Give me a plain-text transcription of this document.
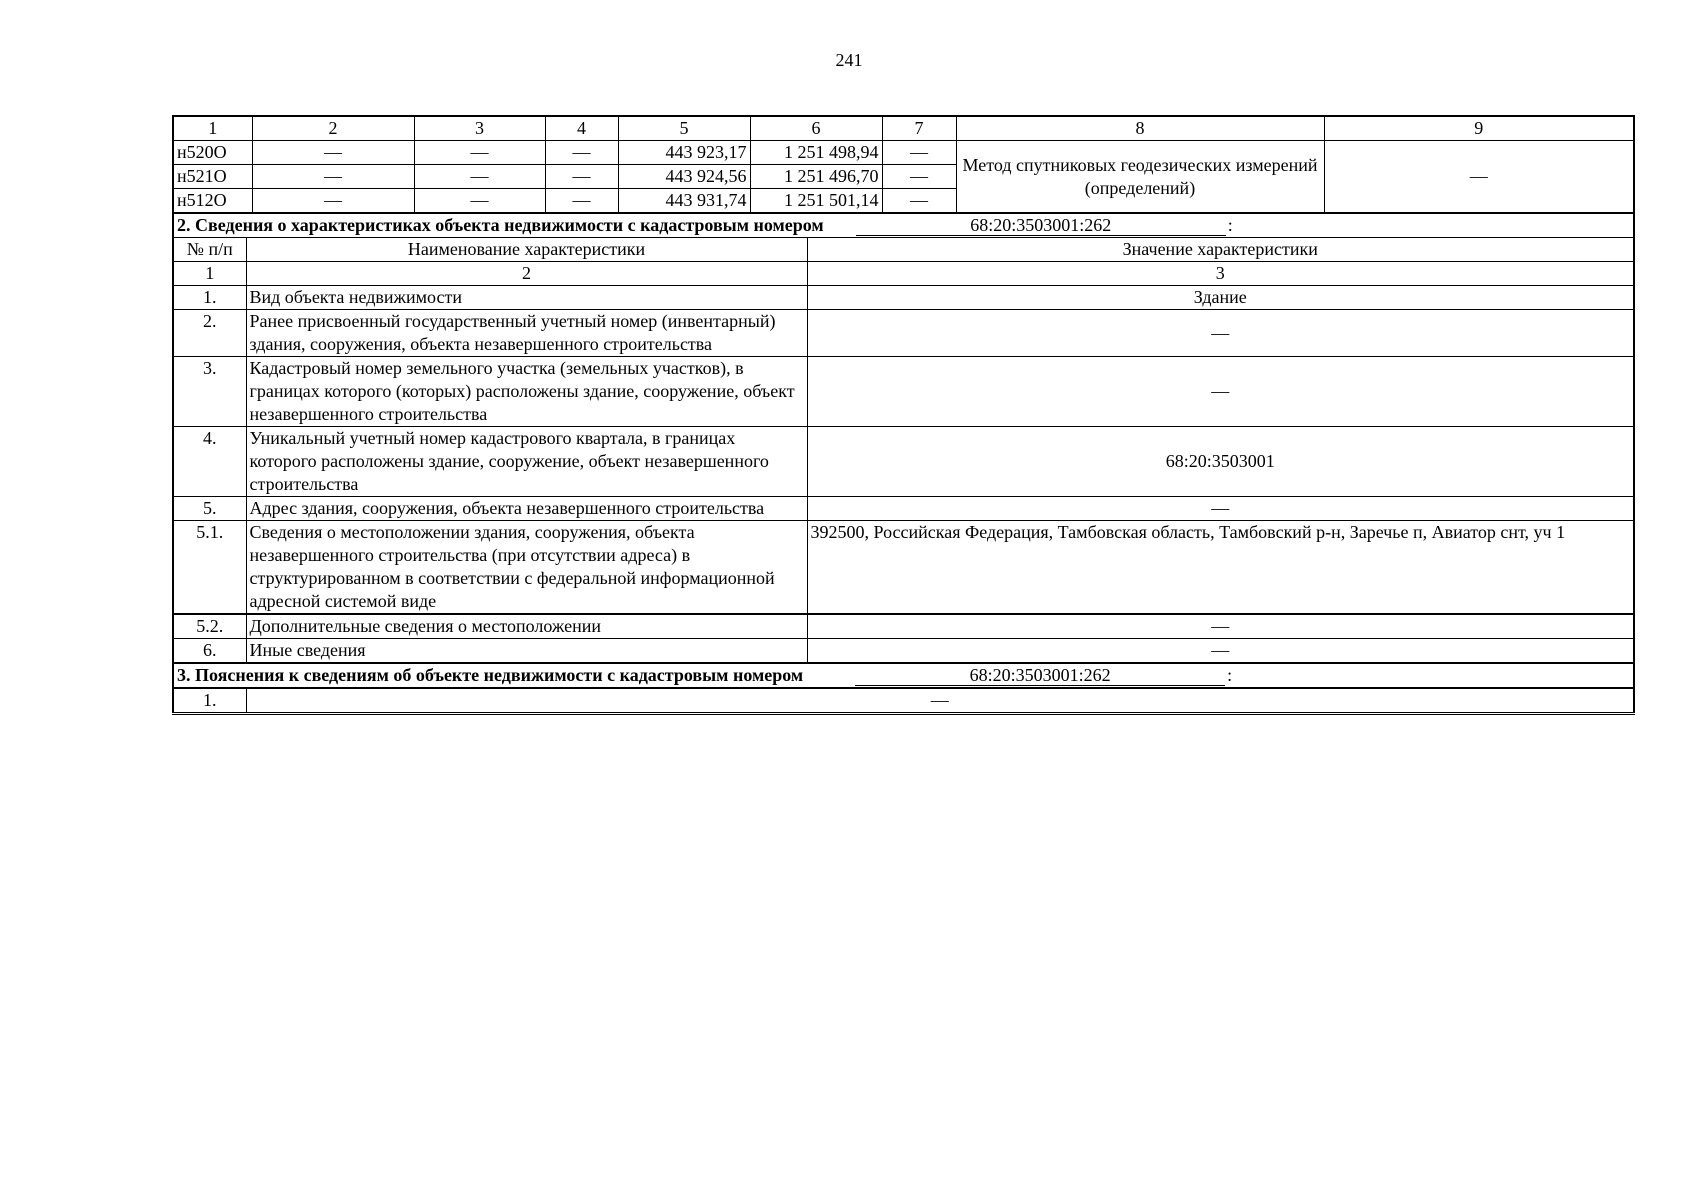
241
1	2	3	4	5	6	7	8	9
н520О	—	—	—	443 923,17	1 251 498,94	—	Метод спутниковых геодезических измерений (определений)	—
н521О	—	—	—	443 924,56	1 251 496,70	—		
н512О	—	—	—	443 931,74	1 251 501,14	—		
2. Сведения о характеристиках объекта недвижимости с кадастровым номером 68:20:3503001:262 :		

№ п/п	Наименование характеристики	Значение характеристики
1	2	3
1.	Вид объекта недвижимости	Здание
2.	Ранее присвоенный государственный учетный номер (инвентарный) здания, сооружения, объекта незавершенного строительства	—
3.	Кадастровый номер земельного участка (земельных участков), в границах которого (которых) расположены здание, сооружение, объект незавершенного строительства	—
4.	Уникальный учетный номер кадастрового квартала, в границах которого расположены здание, сооружение, объект незавершенного строительства	68:20:3503001
5.	Адрес здания, сооружения, объекта незавершенного строительства	—
5.1.	Сведения о местоположении здания, сооружения, объекта незавершенного строительства (при отсутствии адреса) в структурированном в соответствии с федеральной информационной адресной системой виде	392500, Российская Федерация, Тамбовская область, Тамбовский р-н, Заречье п, Авиатор снт, уч 1
5.2.	Дополнительные сведения о местоположении	—
6.	Иные сведения	—
3. Пояснения к сведениям об объекте недвижимости с кадастровым номером	68:20:3503001:262	:

1.	—
